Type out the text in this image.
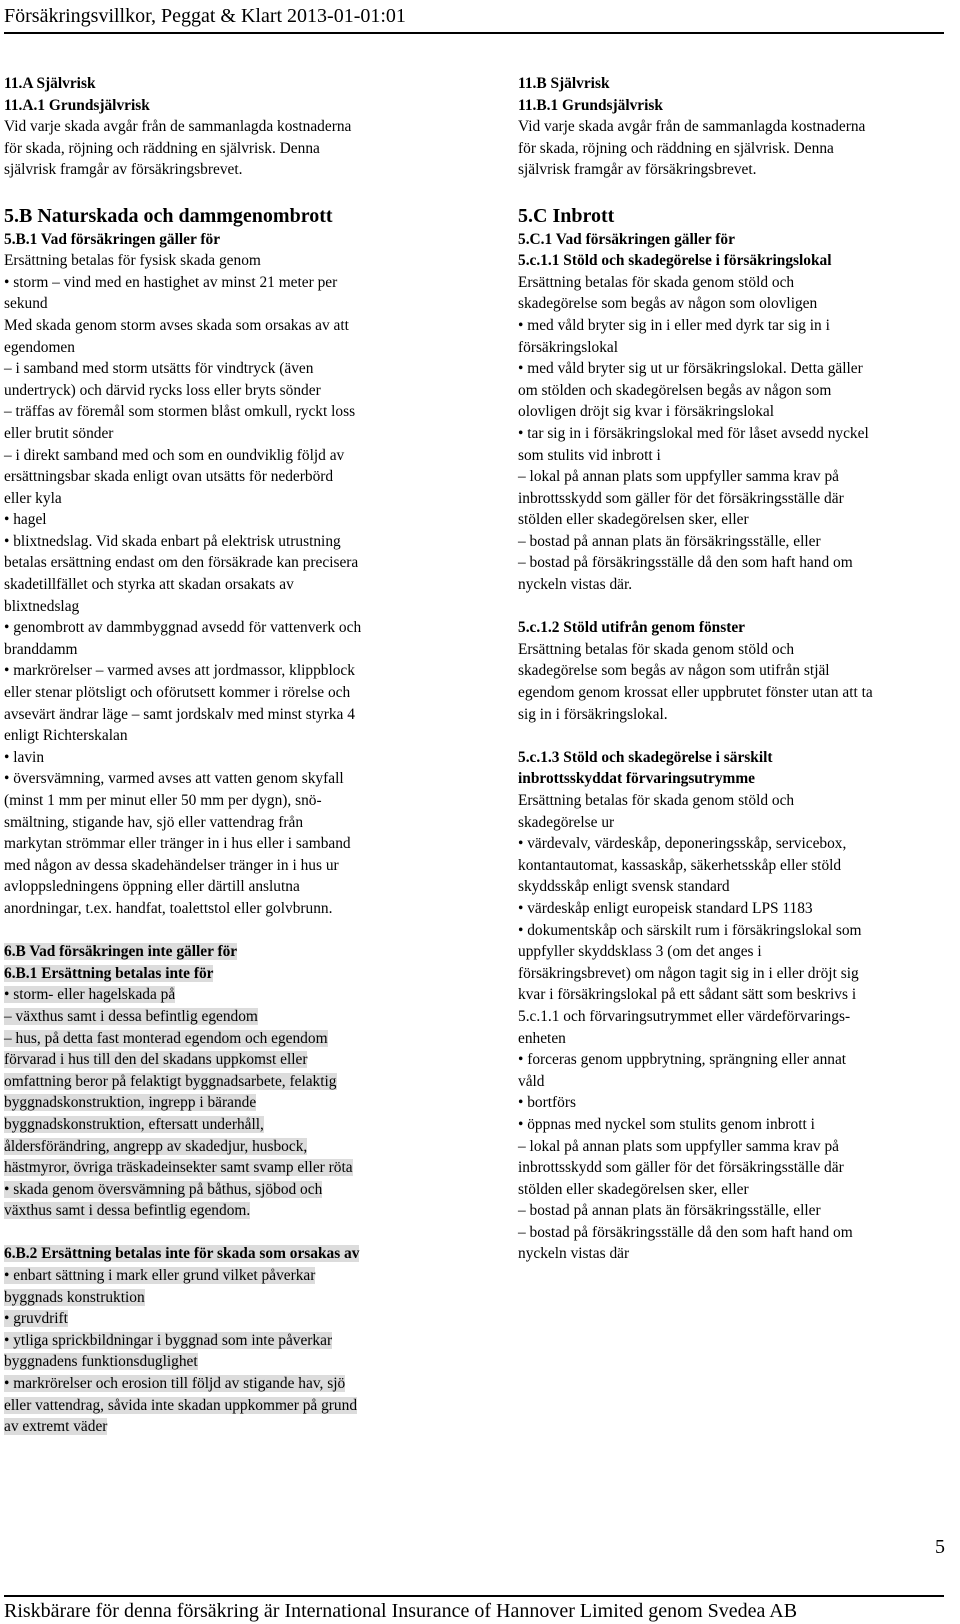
Försäkringsvillkor, Peggat & Klart 2013-01-01:01
11.A Självrisk
11.A.1 Grundsjälvrisk
Vid varje skada avgår från de sammanlagda kostnaderna
för skada, röjning och räddning en självrisk. Denna
självrisk framgår av försäkringsbrevet.
5.B Naturskada och dammgenombrott
5.B.1 Vad försäkringen gäller för
Ersättning betalas för fysisk skada genom
• storm – vind med en hastighet av minst 21 meter per
sekund
Med skada genom storm avses skada som orsakas av att
egendomen
– i samband med storm utsätts för vindtryck (även
undertryck) och därvid rycks loss eller bryts sönder
– träffas av föremål som stormen blåst omkull, ryckt loss
eller brutit sönder
– i direkt samband med och som en oundviklig följd av
ersättningsbar skada enligt ovan utsätts för nederbörd
eller kyla
• hagel
• blixtnedslag. Vid skada enbart på elektrisk utrustning
betalas ersättning endast om den försäkrade kan precisera
skadetillfället och styrka att skadan orsakats av
blixtnedslag
• genombrott av dammbyggnad avsedd för vattenverk och
branddamm
• markrörelser – varmed avses att jordmassor, klippblock
eller stenar plötsligt och oförutsett kommer i rörelse och
avsevärt ändrar läge – samt jordskalv med minst styrka 4
enligt Richterskalan
• lavin
• översvämning, varmed avses att vatten genom skyfall
(minst 1 mm per minut eller 50 mm per dygn), snö-
smältning, stigande hav, sjö eller vattendrag från
markytan strömmar eller tränger in i hus eller i samband
med någon av dessa skadehändelser tränger in i hus ur
avloppsledningens öppning eller därtill anslutna
anordningar, t.ex. handfat, toalettstol eller golvbrunn.
6.B Vad försäkringen inte gäller för
6.B.1 Ersättning betalas inte för
• storm- eller hagelskada på
– växthus samt i dessa befintlig egendom
– hus, på detta fast monterad egendom och egendom
förvarad i hus till den del skadans uppkomst eller
omfattning beror på felaktigt byggnadsarbete, felaktig
byggnadskonstruktion, ingrepp i bärande
byggnadskonstruktion, eftersatt underhåll,
åldersförändring, angrepp av skadedjur, husbock,
hästmyror, övriga träskadeinsekter samt svamp eller röta
• skada genom översvämning på båthus, sjöbod och
växthus samt i dessa befintlig egendom.
6.B.2 Ersättning betalas inte för skada som orsakas av
• enbart sättning i mark eller grund vilket påverkar
byggnads konstruktion
• gruvdrift
• ytliga sprickbildningar i byggnad som inte påverkar
byggnadens funktionsduglighet
• markrörelser och erosion till följd av stigande hav, sjö
eller vattendrag, såvida inte skadan uppkommer på grund
av extremt väder
11.B Självrisk
11.B.1 Grundsjälvrisk
Vid varje skada avgår från de sammanlagda kostnaderna
för skada, röjning och räddning en självrisk. Denna
självrisk framgår av försäkringsbrevet.
5.C Inbrott
5.C.1 Vad försäkringen gäller för
5.c.1.1 Stöld och skadegörelse i försäkringslokal
Ersättning betalas för skada genom stöld och
skadegörelse som begås av någon som olovligen
• med våld bryter sig in i eller med dyrk tar sig in i
försäkringslokal
• med våld bryter sig ut ur försäkringslokal. Detta gäller
om stölden och skadegörelsen begås av någon som
olovligen dröjt sig kvar i försäkringslokal
• tar sig in i försäkringslokal med för låset avsedd nyckel
som stulits vid inbrott i
– lokal på annan plats som uppfyller samma krav på
inbrottsskydd som gäller för det försäkringsställe där
stölden eller skadegörelsen sker, eller
– bostad på annan plats än försäkringsställe, eller
– bostad på försäkringsställe då den som haft hand om
nyckeln vistas där.
5.c.1.2 Stöld utifrån genom fönster
Ersättning betalas för skada genom stöld och
skadegörelse som begås av någon som utifrån stjäl
egendom genom krossat eller uppbrutet fönster utan att ta
sig in i försäkringslokal.
5.c.1.3 Stöld och skadegörelse i särskilt
inbrottsskyddat förvaringsutrymme
Ersättning betalas för skada genom stöld och
skadegörelse ur
• värdevalv, värdeskåp, deponeringsskåp, servicebox,
kontantautomat, kassaskåp, säkerhetsskåp eller stöld
skyddsskåp enligt svensk standard
• värdeskåp enligt europeisk standard LPS 1183
• dokumentskåp och särskilt rum i försäkringslokal som
uppfyller skyddsklass 3 (om det anges i
försäkringsbrevet) om någon tagit sig in i eller dröjt sig
kvar i försäkringslokal på ett sådant sätt som beskrivs i
5.c.1.1 och förvaringsutrymmet eller värdeförvarings-
enheten
• forceras genom uppbrytning, sprängning eller annat
våld
• bortförs
• öppnas med nyckel som stulits genom inbrott i
– lokal på annan plats som uppfyller samma krav på
inbrottsskydd som gäller för det försäkringsställe där
stölden eller skadegörelsen sker, eller
– bostad på annan plats än försäkringsställe, eller
– bostad på försäkringsställe då den som haft hand om
nyckeln vistas där
5
Riskbärare för denna försäkring är International Insurance of Hannover Limited genom Svedea AB
